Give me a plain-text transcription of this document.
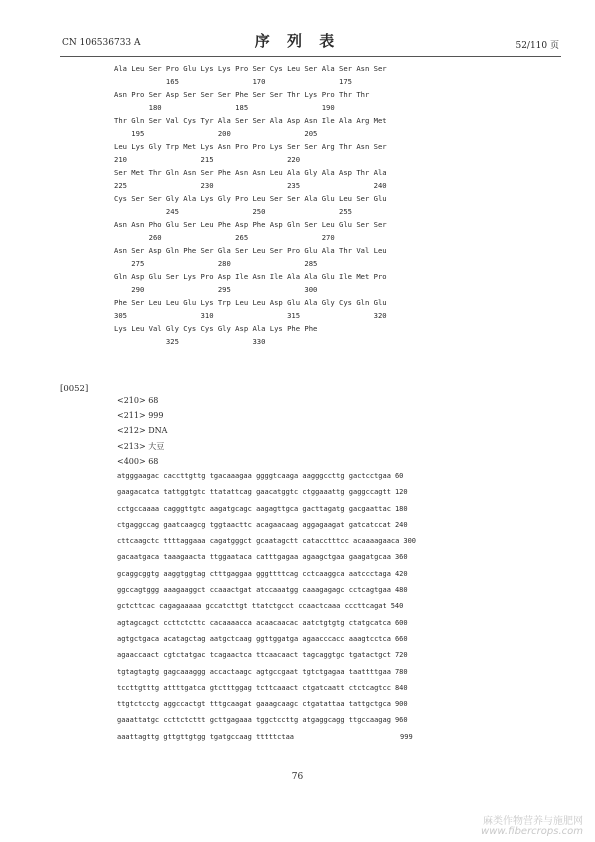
CN 106536733 A	序 列 表	52/110 页
Ala Leu Ser Pro Glu Lys Lys Pro Ser Cys Leu Ser Ala Ser Asn Ser
165                 170                 175
Asn Pro Ser Asp Ser Ser Ser Phe Ser Ser Thr Lys Pro Thr Thr
180                 185                 190
Thr Gln Ser Val Cys Tyr Ala Ser Ser Ala Asp Asn Ile Ala Arg Met
195                 200                 205
Leu Lys Gly Trp Met Lys Asn Pro Pro Lys Ser Ser Arg Thr Asn Ser
210                 215                 220
Ser Met Thr Gln Asn Ser Phe Asn Asn Leu Ala Gly Ala Asp Thr Ala
225                 230                 235                 240
Cys Ser Ser Gly Ala Lys Gly Pro Leu Ser Ser Ala Glu Leu Ser Glu
245                 250                 255
Asn Asn Pho Glu Ser Leu Phe Asp Phe Asp Gln Ser Leu Glu Ser Ser
260                 265                 270
Asn Ser Asp Gln Phe Ser Gla Ser Leu Ser Pro Glu Ala Thr Val Leu
275                 280                 285
Gln Asp Glu Ser Lys Pro Asp Ile Asn Ile Ala Ala Glu Ile Met Pro
290                 295                 300
Phe Ser Leu Leu Glu Lys Trp Leu Leu Asp Glu Ala Gly Cys Gln Glu
305                 310                 315                 320
Lys Leu Val Gly Cys Cys Gly Asp Ala Lys Phe Phe
325                 330
[0052]
<210> 68
<211> 999
<212> DNA
<213> 大豆
<400> 68
atgggaagac caccttgttg tgacaaagaa ggggtcaaga aagggccttg gactcctgaa 60
gaagacatca tattggtgtc ttatattcag gaacatggtc ctggaaattg gaggccagtt 120
cctgccaaaa cagggttgtc aagatgcagc aagagttgca gacttagatg gacgaattac 180
ctgaggccag gaatcaagcg tggtaacttc acagaacaag aggagaagat gatcatccat 240
cttcaagctc ttttaggaaa cagatgggct gcaatagctt catacctttcc acaaaagaaca 300
gacaatgaca taaagaacta ttggaataca catttgagaa agaagctgaa gaagatgcaa 360
gcaggcggtg aaggtggtag ctttgaggaa gggttttcag cctcaaggca aatccctaga 420
ggccagtggg aaagaaggct ccaaactgat atccaaatgg caaagagagc cctcagtgaa 480
gctcttcac cagagaaaaa gccatcttgt ttatctgcct ccaactcaaa cccttcagat 540
agtagcagct ccttctcttc cacaaaacca acaacaacac aatctgtgtg ctatgcatca 600
agtgctgaca acatagctag aatgctcaag ggttggatga agaacccacc aaagtcctca 660
agaaccaact cgtctatgac tcagaactca ttcaacaact tagcaggtgc tgatactgct 720
tgtagtagtg gagcaaaggg accactaagc agtgccgaat tgtctgagaa taattttgaa 780
tccttgtttg attttgatca gtctttggag tcttcaaact ctgatcaatt ctctcagtcc 840
ttgtctcctg aggccactgt tttgcaagat gaaagcaagc ctgatattaa tattgctgca 900
gaaattatgc ccttctcttt gcttgagaaa tggctccttg atgaggcagg ttgccaagag 960
aaattagttg gttgttgtgg tgatgccaag tttttctaa	999
76
麻类作物营养与施肥网
www.fibercrops.com
